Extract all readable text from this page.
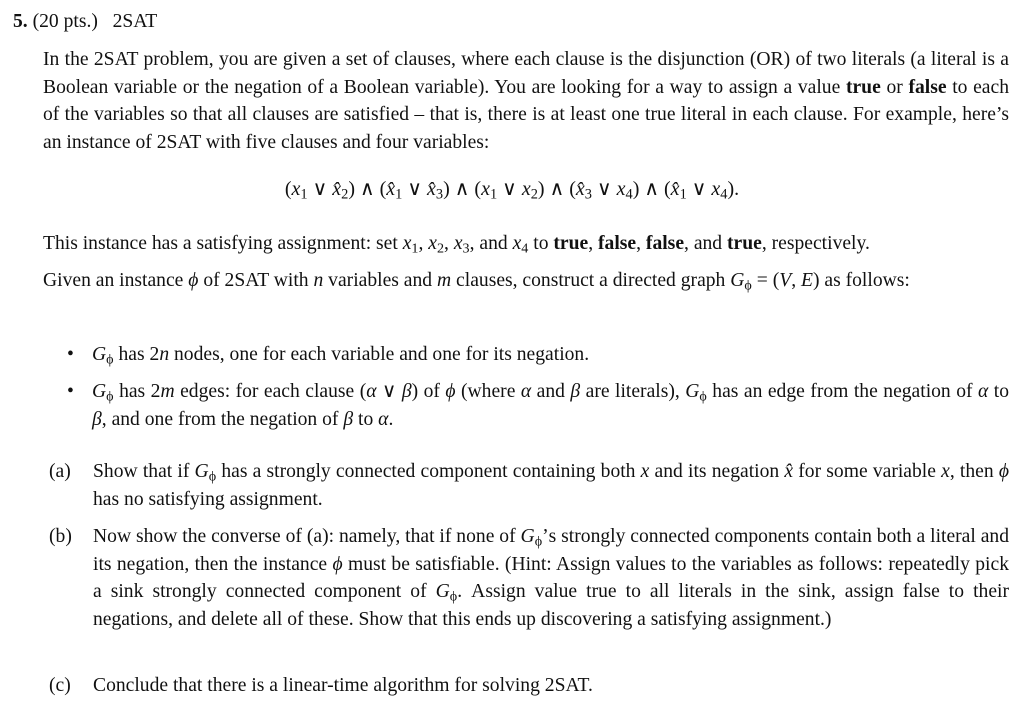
5. (20 pts.) 2SAT
In the 2SAT problem, you are given a set of clauses, where each clause is the disjunction (OR) of two literals (a literal is a Boolean variable or the negation of a Boolean variable). You are looking for a way to assign a value true or false to each of the variables so that all clauses are satisfied – that is, there is at least one true literal in each clause. For example, here’s an instance of 2SAT with five clauses and four variables:
($x_1$ ∨ $x̂_2$) ∧ ($x̂_1$ ∨ $x̂_3$) ∧ ($x_1$ ∨ $x_2$) ∧ ($x̂_3$ ∨ $x_4$) ∧ ($x̂_1$ ∨ $x_4$).
This instance has a satisfying assignment: set $x_1$, $x_2$, $x_3$, and $x_4$ to true, false, false, and true, respectively.
Given an instance ϕ of 2SAT with n variables and m clauses, construct a directed graph $G_\phi = (V$, E) as follows:
• $G_\phi$ has 2n nodes, one for each variable and one for its negation.
• $G_\phi$ has 2m edges: for each clause (α ∨ β) of ϕ (where α and β are literals), $G_\phi$ has an edge from the negation of α to β, and one from the negation of β to α.
(a) Show that if $G_\phi$ has a strongly connected component containing both x and its negation x̂ for some variable x, then ϕ has no satisfying assignment.
(b) Now show the converse of (a): namely, that if none of $G_\phi’s$ strongly connected components contain both a literal and its negation, then the instance ϕ must be satisfiable. (Hint: Assign values to the variables as follows: repeatedly pick a sink strongly connected component of $G_\phi$. Assign value true to all literals in the sink, assign false to their negations, and delete all of these. Show that this ends up discovering a satisfying assignment.)
(c) Conclude that there is a linear-time algorithm for solving 2SAT.
